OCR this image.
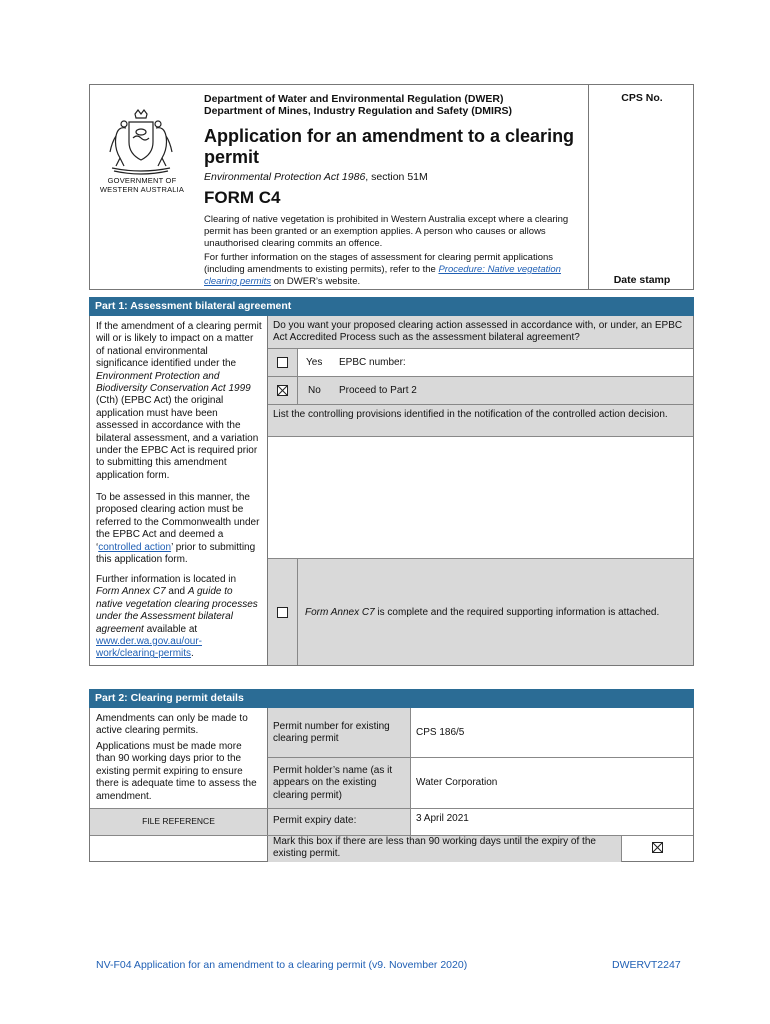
CPS No.
Date stamp
GOVERNMENT OF
WESTERN AUSTRALIA
Department of Water and Environmental Regulation (DWER)
Department of Mines, Industry Regulation and Safety (DMIRS)
Application for an amendment to a clearing permit
Environmental Protection Act 1986, section 51M
FORM C4
Clearing of native vegetation is prohibited in Western Australia except where a clearing permit has been granted or an exemption applies. A person who causes or allows unauthorised clearing commits an offence.
For further information on the stages of assessment for clearing permit applications (including amendments to existing permits), refer to the Procedure: Native vegetation clearing permits on DWER’s website.
Part 1: Assessment bilateral agreement
If the amendment of a clearing permit will or is likely to impact on a matter of national environmental significance identified under the Environment Protection and Biodiversity Conservation Act 1999 (Cth) (EPBC Act) the original application must have been assessed in accordance with the bilateral assessment, and a variation under the EPBC Act is required prior to submitting this amendment application form.
To be assessed in this manner, the proposed clearing action must be referred to the Commonwealth under the EPBC Act and deemed a ‘controlled action’ prior to submitting this application form.
Further information is located in Form Annex C7 and A guide to native vegetation clearing processes under the Assessment bilateral agreement available at www.der.wa.gov.au/our-work/clearing-permits.
Do you want your proposed clearing action assessed in accordance with, or under, an EPBC Act Accredited Process such as the assessment bilateral agreement?
Yes EPBC number:
No Proceed to Part 2
List the controlling provisions identified in the notification of the controlled action decision.
Form Annex C7 is complete and the required supporting information is attached.
Part 2: Clearing permit details
Amendments can only be made to active clearing permits.
Applications must be made more than 90 working days prior to the existing permit expiring to ensure there is adequate time to assess the amendment.
FILE REFERENCE
Permit number for existing clearing permit
CPS 186/5
Permit holder’s name (as it appears on the existing clearing permit)
Water Corporation
Permit expiry date:	3 April 2021
Mark this box if there are less than 90 working days until the expiry of the existing permit.
NV-F04 Application for an amendment to a clearing permit (v9. November 2020)	DWERVT2247
